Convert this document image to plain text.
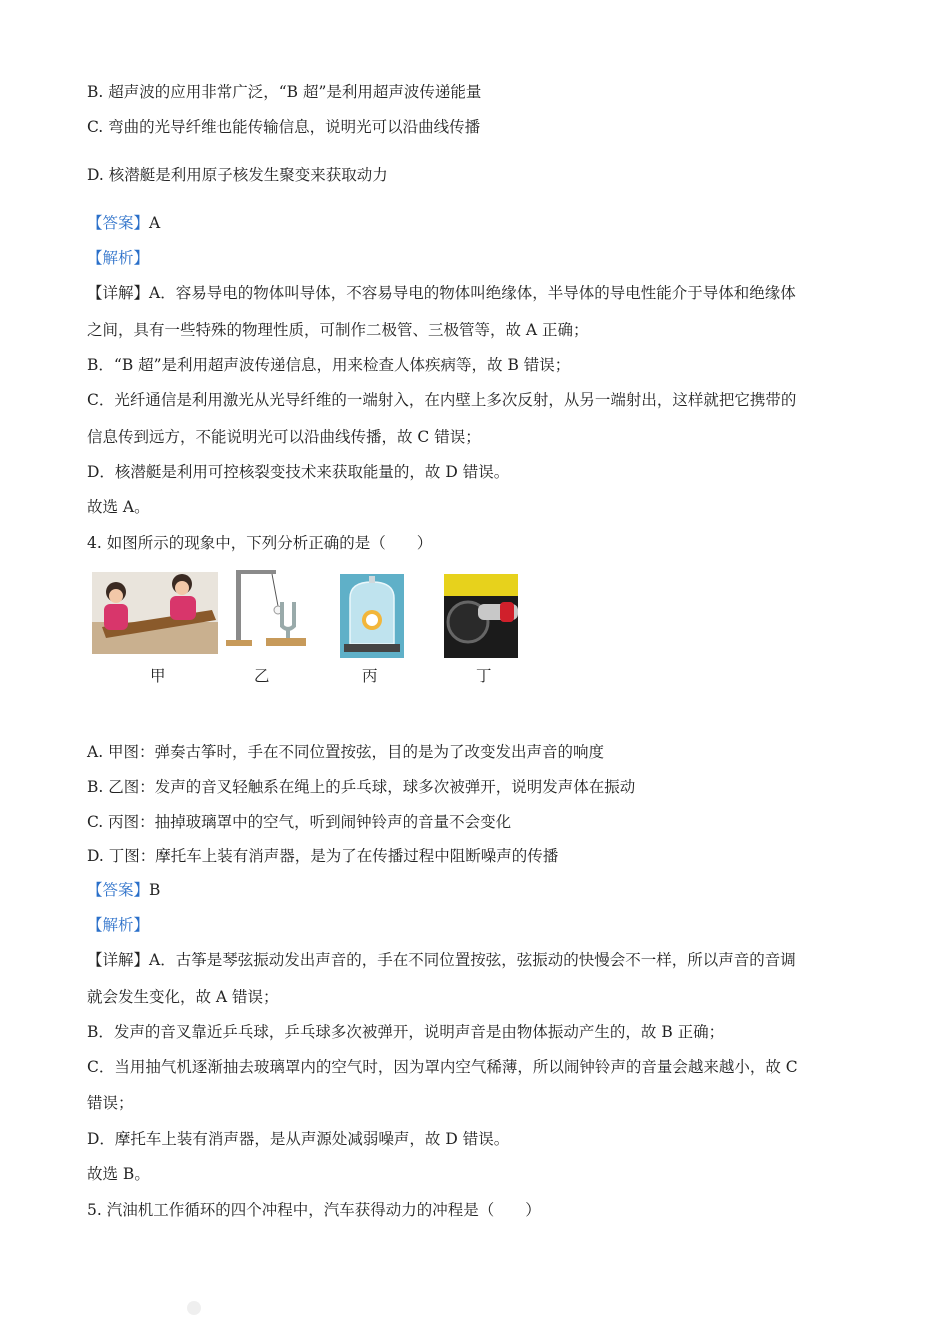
B. 超声波的应用非常广泛，“B 超”是利用超声波传递能量
C. 弯曲的光导纤维也能传输信息，说明光可以沿曲线传播
D. 核潜艇是利用原子核发生聚变来获取动力
【答案】A
【解析】
【详解】A．容易导电的物体叫导体，不容易导电的物体叫绝缘体，半导体的导电性能介于导体和绝缘体
之间，具有一些特殊的物理性质，可制作二极管、三极管等，故 A 正确；
B．“B 超”是利用超声波传递信息，用来检查人体疾病等，故 B 错误；
C．光纤通信是利用激光从光导纤维的一端射入，在内壁上多次反射，从另一端射出，这样就把它携带的
信息传到远方，不能说明光可以沿曲线传播，故 C 错误；
D．核潜艇是利用可控核裂变技术来获取能量的，故 D 错误。
故选 A。
4. 如图所示的现象中，下列分析正确的是（　　）
A. 甲图：弹奏古筝时，手在不同位置按弦，目的是为了改变发出声音的响度
B. 乙图：发声的音叉轻触系在绳上的乒乓球，球多次被弹开，说明发声体在振动
C. 丙图：抽掉玻璃罩中的空气，听到闹钟铃声的音量不会变化
D. 丁图：摩托车上装有消声器，是为了在传播过程中阻断噪声的传播
【答案】B
【解析】
【详解】A．古筝是琴弦振动发出声音的，手在不同位置按弦，弦振动的快慢会不一样，所以声音的音调
就会发生变化，故 A 错误；
B．发声的音叉靠近乒乓球，乒乓球多次被弹开，说明声音是由物体振动产生的，故 B 正确；
C．当用抽气机逐渐抽去玻璃罩内的空气时，因为罩内空气稀薄，所以闹钟铃声的音量会越来越小，故 C
错误；
D．摩托车上装有消声器，是从声源处减弱噪声，故 D 错误。
故选 B。
5. 汽油机工作循环的四个冲程中，汽车获得动力的冲程是（　　）
甲	乙	丙	丁
